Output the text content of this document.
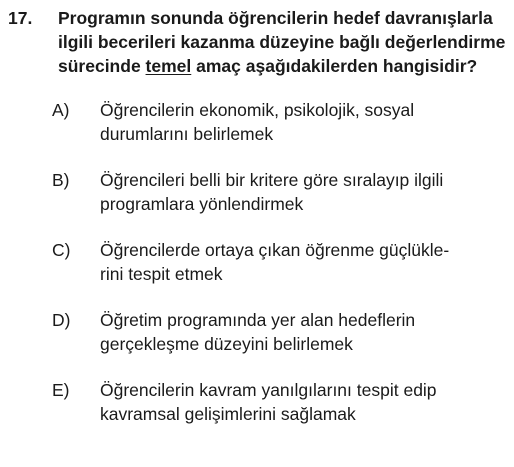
17.	Programın sonunda öğrencilerin hedef davranışlarla ilgili becerileri kazanma düzeyine bağlı değerlendirme sürecinde temel amaç aşağıdakilerden hangisidir?
A)	Öğrencilerin ekonomik, psikolojik, sosyal
durumlarını belirlemek
B)	Öğrencileri belli bir kritere göre sıralayıp ilgili
programlara yönlendirmek
C)	Öğrencilerde ortaya çıkan öğrenme güçlükle-
rini tespit etmek
D)	Öğretim programında yer alan hedeflerin
gerçekleşme düzeyini belirlemek
E)	Öğrencilerin kavram yanılgılarını tespit edip
kavramsal gelişimlerini sağlamak
